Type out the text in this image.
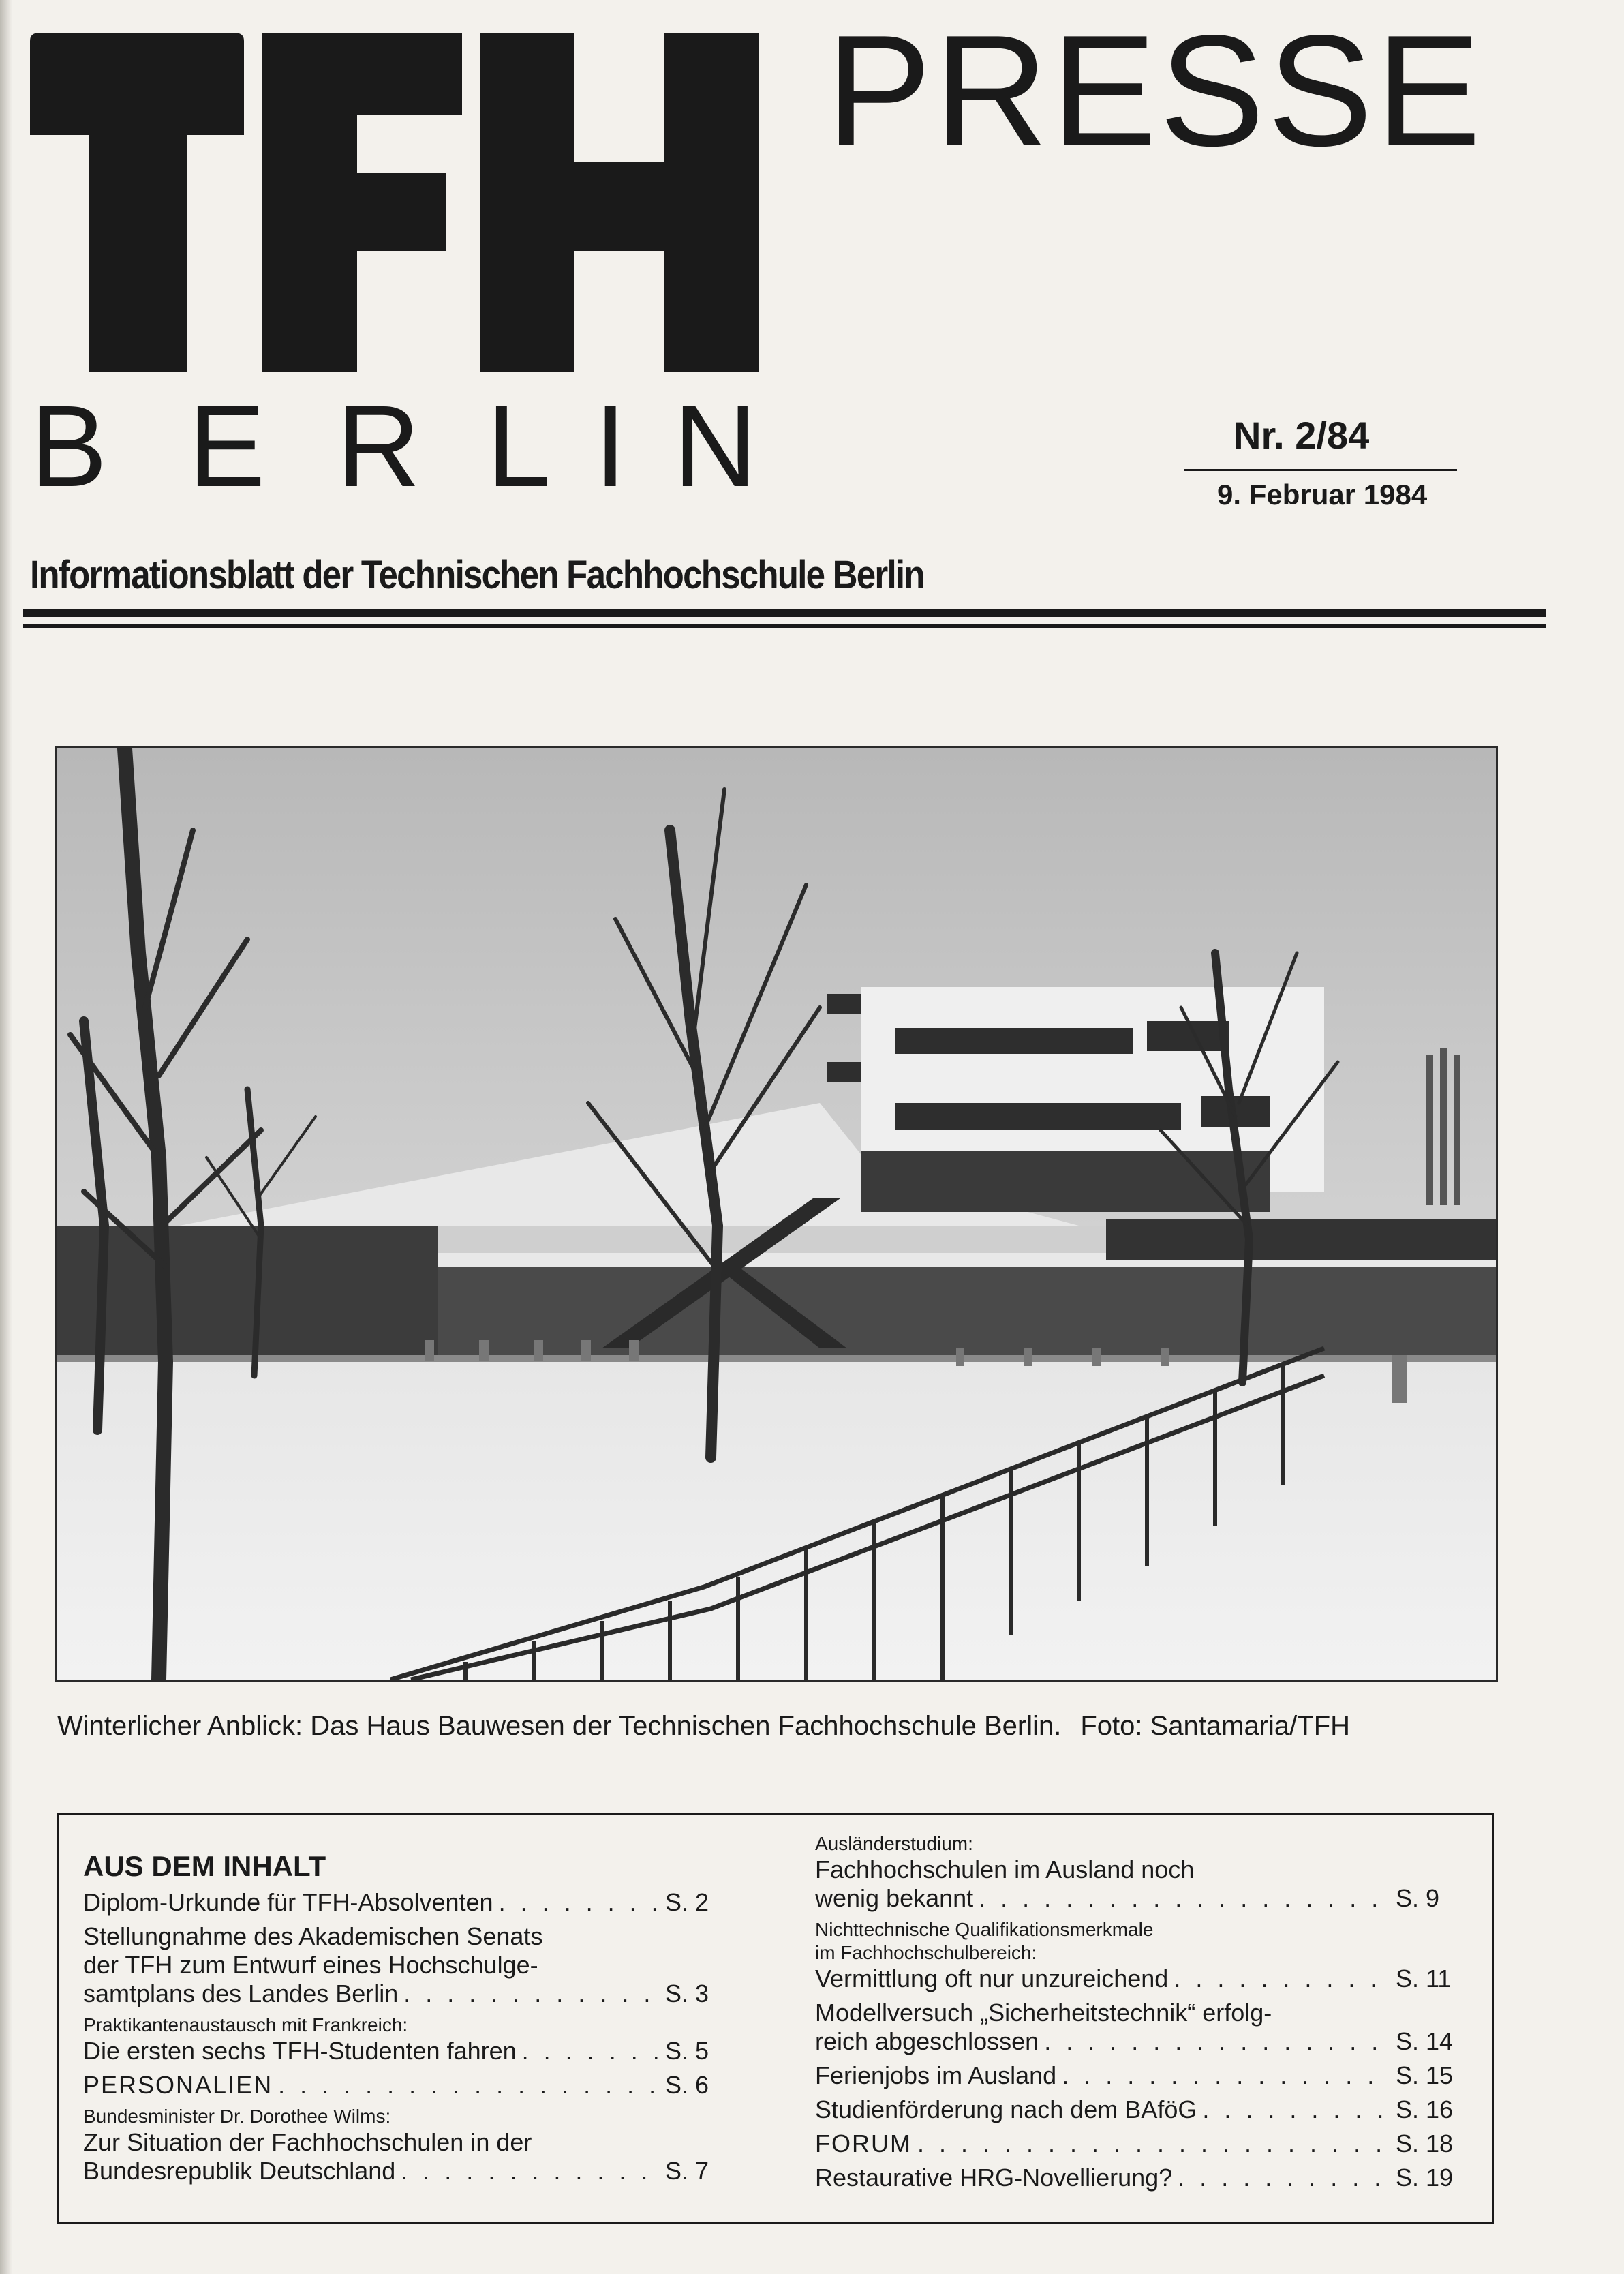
PRESSE
B E R L I N	Nr. 2/84
9. Februar 1984
Informationsblatt der Technischen Fachhochschule Berlin
Winterlicher Anblick: Das Haus Bauwesen der Technischen Fachhochschule Berlin. Foto: Santamaria/TFH
AUS DEM INHALT
Diplom-Urkunde für TFH-Absolventen . . .	S. 2
Stellungnahme des Akademischen Senats
der TFH zum Entwurf eines Hochschulge-
samtplans des Landes Berlin . . .	S. 3
Praktikantenaustausch mit Frankreich:
Die ersten sechs TFH-Studenten fahren . . .	S. 5
PERSONALIEN . . .	S. 6
Bundesminister Dr. Dorothee Wilms:
Zur Situation der Fachhochschulen in der
Bundesrepublik Deutschland . . .	S. 7
Ausländerstudium:
Fachhochschulen im Ausland noch
wenig bekannt . . .	S. 9
Nichttechnische Qualifikationsmerkmale
im Fachhochschulbereich:
Vermittlung oft nur unzureichend . . .	S. 11
Modellversuch „Sicherheitstechnik“ erfolg-
reich abgeschlossen . . .	S. 14
Ferienjobs im Ausland . . .	S. 15
Studienförderung nach dem BAföG . . .	S. 16
FORUM . . .	S. 18
Restaurative HRG-Novellierung? . . .	S. 19
